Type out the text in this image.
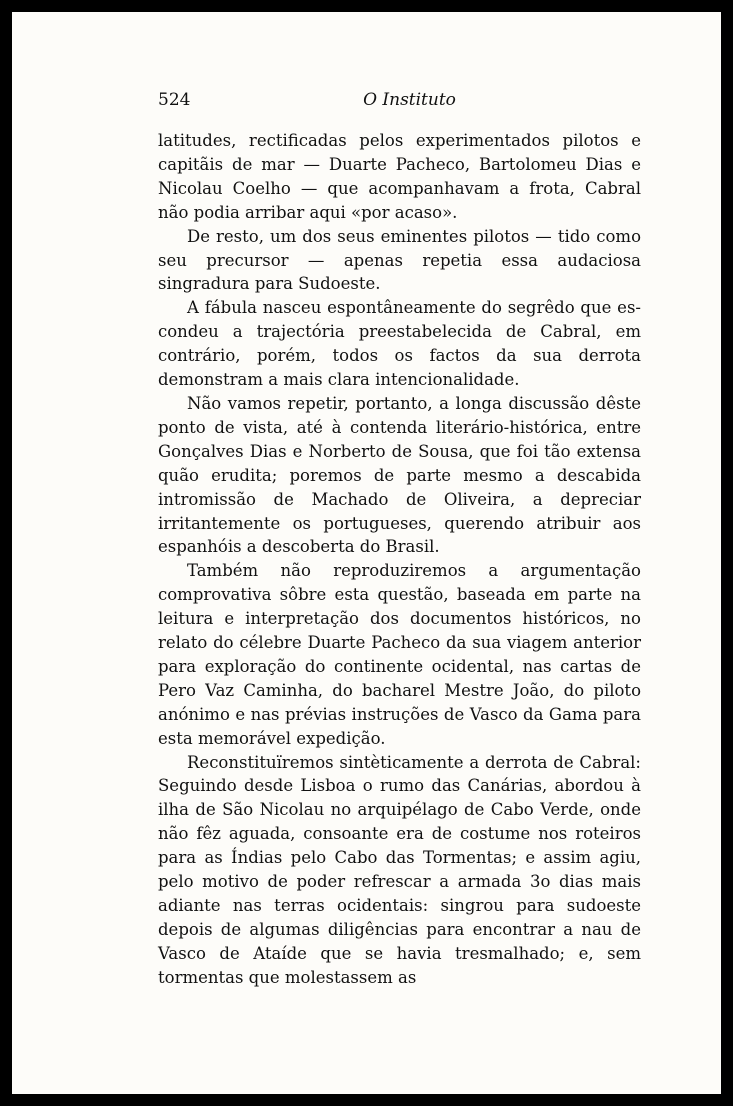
524	O Instituto

latitudes, rectificadas pelos experimentados pilotos e capitãis de mar — Duarte Pacheco, Bartolomeu Dias e Nicolau Coelho — que acompanhavam a frota, Cabral não podia arribar aqui «por acaso».

De resto, um dos seus eminentes pilotos — tido como seu precursor — apenas repetia essa audaciosa singradura para Sudoeste.

A fábula nasceu espontâneamente do segrêdo que escondeu a trajectória preestabelecida de Cabral, em contrário, porém, todos os factos da sua derrota demonstram a mais clara intencionalidade.

Não vamos repetir, portanto, a longa discussão dêste ponto de vista, até à contenda literário-histórica, entre Gonçalves Dias e Norberto de Sousa, que foi tão extensa quão erudita; poremos de parte mesmo a descabida intromissão de Machado de Oliveira, a depreciar irritantemente os portugueses, querendo atribuir aos espanhóis a descoberta do Brasil.

Também não reproduziremos a argumentação comprovativa sôbre esta questão, baseada em parte na leitura e interpretação dos documentos históricos, no relato do célebre Duarte Pacheco da sua viagem anterior para exploração do continente ocidental, nas cartas de Pero Vaz Caminha, do bacharel Mestre João, do piloto anónimo e nas prévias instruções de Vasco da Gama para esta memorável expedição.

Reconstituïremos sintèticamente a derrota de Cabral: Seguindo desde Lisboa o rumo das Canárias, abordou à ilha de São Nicolau no arquipélago de Cabo Verde, onde não fêz aguada, consoante era de costume nos roteiros para as Índias pelo Cabo das Tormentas; e assim agiu, pelo motivo de poder refrescar a armada 3o dias mais adiante nas terras ocidentais: singrou para sudoeste depois de algumas diligências para encontrar a nau de Vasco de Ataíde que se havia tresmalhado; e, sem tormentas que molestassem as
